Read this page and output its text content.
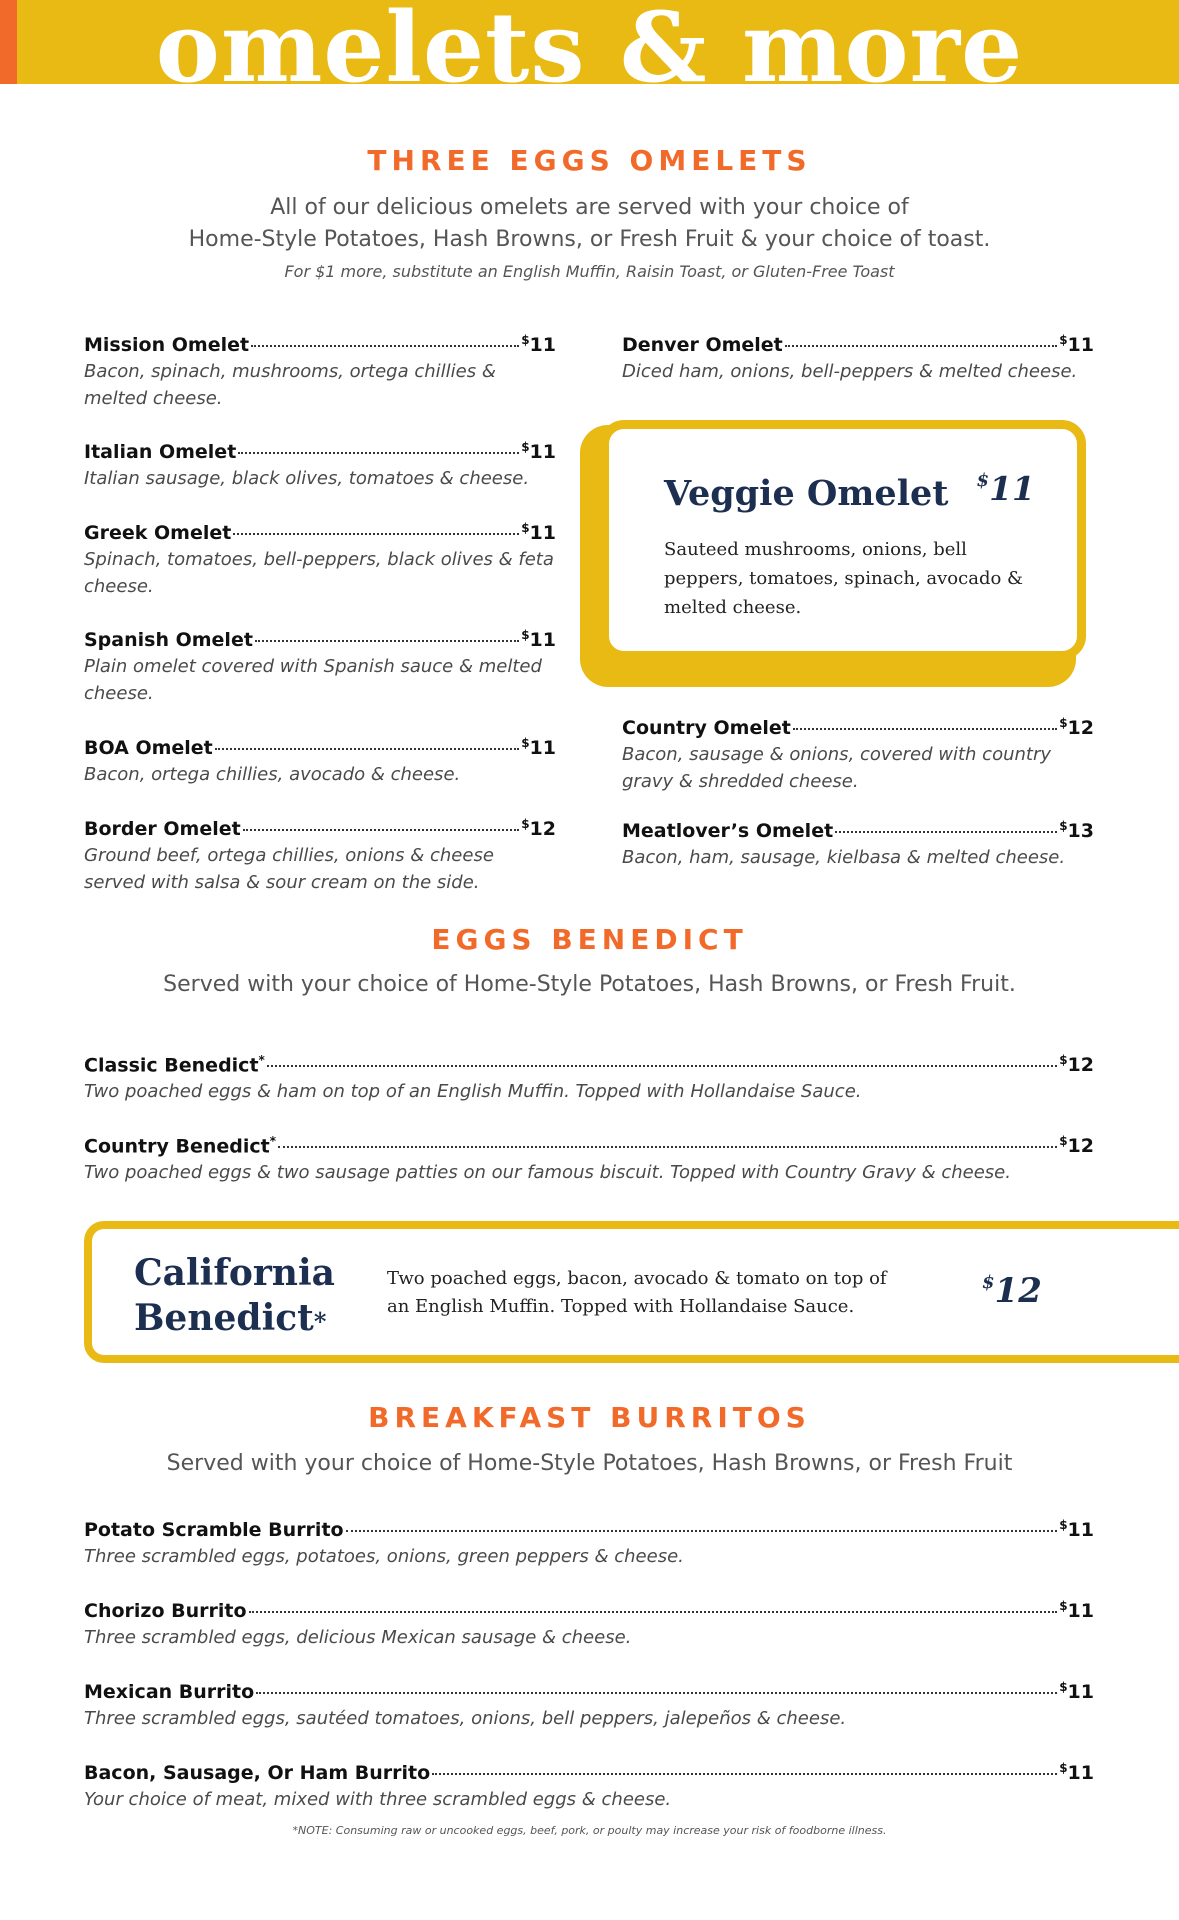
omelets & more
THREE EGGS OMELETS

All of our delicious omelets are served with your choice of

Home-Style Potatoes, Hash Browns, or Fresh Fruit & your choice of toast.

For $1 more, substitute an English Muffin, Raisin Toast, or Gluten-Free Toast
Mission Omelet	$11
Bacon, spinach, mushrooms, ortega chillies & melted cheese.
Italian Omelet	$11
Italian sausage, black olives, tomatoes & cheese.
Greek Omelet	$11
Spinach, tomatoes, bell-peppers, black olives & feta cheese.
Spanish Omelet	$11
Plain omelet covered with Spanish sauce & melted cheese.
BOA Omelet	$11
Bacon, ortega chillies, avocado & cheese.
Border Omelet	$12
Ground beef, ortega chillies, onions & cheese served with salsa & sour cream on the side.
Denver Omelet	$11
Diced ham, onions, bell-peppers & melted cheese.
Veggie Omelet $11
Sauteed mushrooms, onions, bell peppers, tomatoes, spinach, avocado & melted cheese.
Country Omelet	$12
Bacon, sausage & onions, covered with country gravy & shredded cheese.
Meatlover’s Omelet	$13
Bacon, ham, sausage, kielbasa & melted cheese.
EGGS BENEDICT

Served with your choice of Home-Style Potatoes, Hash Browns, or Fresh Fruit.

Classic Benedict*	$12
Two poached eggs & ham on top of an English Muffin. Topped with Hollandaise Sauce.
Country Benedict*	$12
Two poached eggs & two sausage patties on our famous biscuit. Topped with Country Gravy & cheese.
California
Benedict*
Two poached eggs, bacon, avocado & tomato on top of an English Muffin. Topped with Hollandaise Sauce.
$12
BREAKFAST BURRITOS

Served with your choice of Home-Style Potatoes, Hash Browns, or Fresh Fruit

Potato Scramble Burrito	$11
Three scrambled eggs, potatoes, onions, green peppers & cheese.
Chorizo Burrito	$11
Three scrambled eggs, delicious Mexican sausage & cheese.
Mexican Burrito	$11
Three scrambled eggs, sautéed tomatoes, onions, bell peppers, jalepeños & cheese.
Bacon, Sausage, Or Ham Burrito	$11
Your choice of meat, mixed with three scrambled eggs & cheese.
*NOTE: Consuming raw or uncooked eggs, beef, pork, or poulty may increase your risk of foodborne illness.
